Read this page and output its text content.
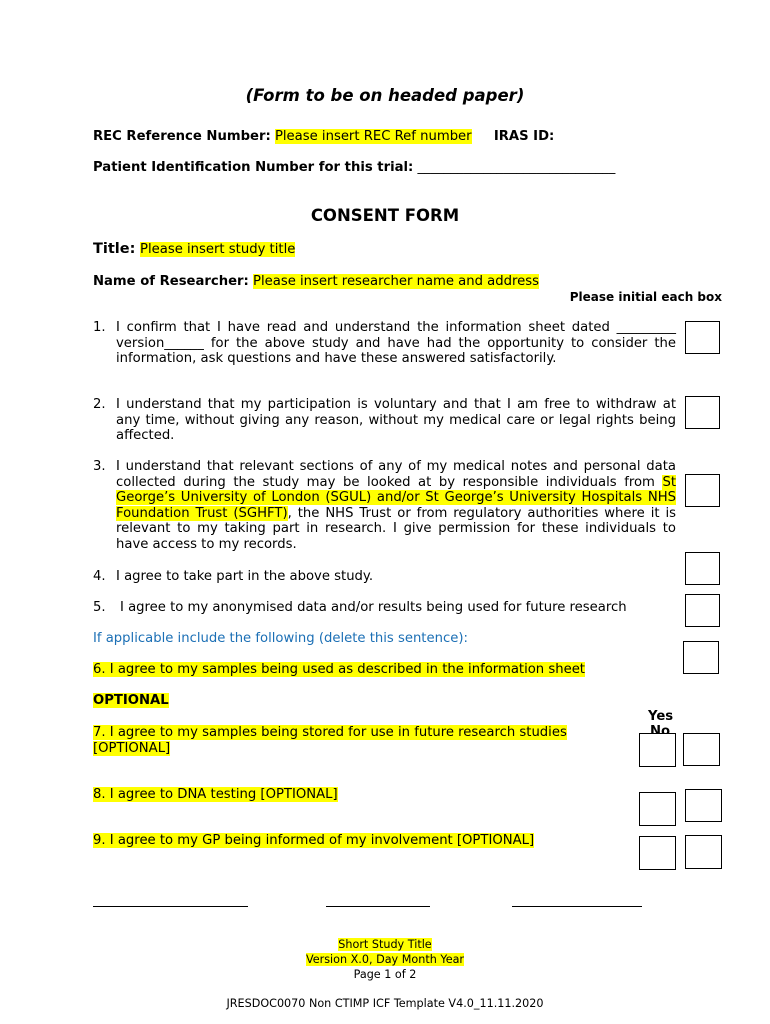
(Form to be on headed paper)
REC Reference Number: Please insert REC Ref number IRAS ID:
Patient Identification Number for this trial: ______________________________
CONSENT FORM
Title: Please insert study title
Name of Researcher: Please insert researcher name and address
Please initial each box
1. I confirm that I have read and understand the information sheet dated _________ version______ for the above study and have had the opportunity to consider the information, ask questions and have these answered satisfactorily.
2. I understand that my participation is voluntary and that I am free to withdraw at any time, without giving any reason, without my medical care or legal rights being affected.
3. I understand that relevant sections of any of my medical notes and personal data collected during the study may be looked at by responsible individuals from St George’s University of London (SGUL) and/or St George’s University Hospitals NHS Foundation Trust (SGHFT), the NHS Trust or from regulatory authorities where it is relevant to my taking part in research. I give permission for these individuals to have access to my records.
4. I agree to take part in the above study.
5. I agree to my anonymised data and/or results being used for future research
If applicable include the following (delete this sentence):
6. I agree to my samples being used as described in the information sheet
OPTIONAL
Yes
No
7. I agree to my samples being stored for use in future research studies
[OPTIONAL]
8. I agree to DNA testing [OPTIONAL]
9. I agree to my GP being informed of my involvement [OPTIONAL]
Short Study Title
Version X.0, Day Month Year
Page 1 of 2
JRESDOC0070 Non CTIMP ICF Template V4.0_11.11.2020
